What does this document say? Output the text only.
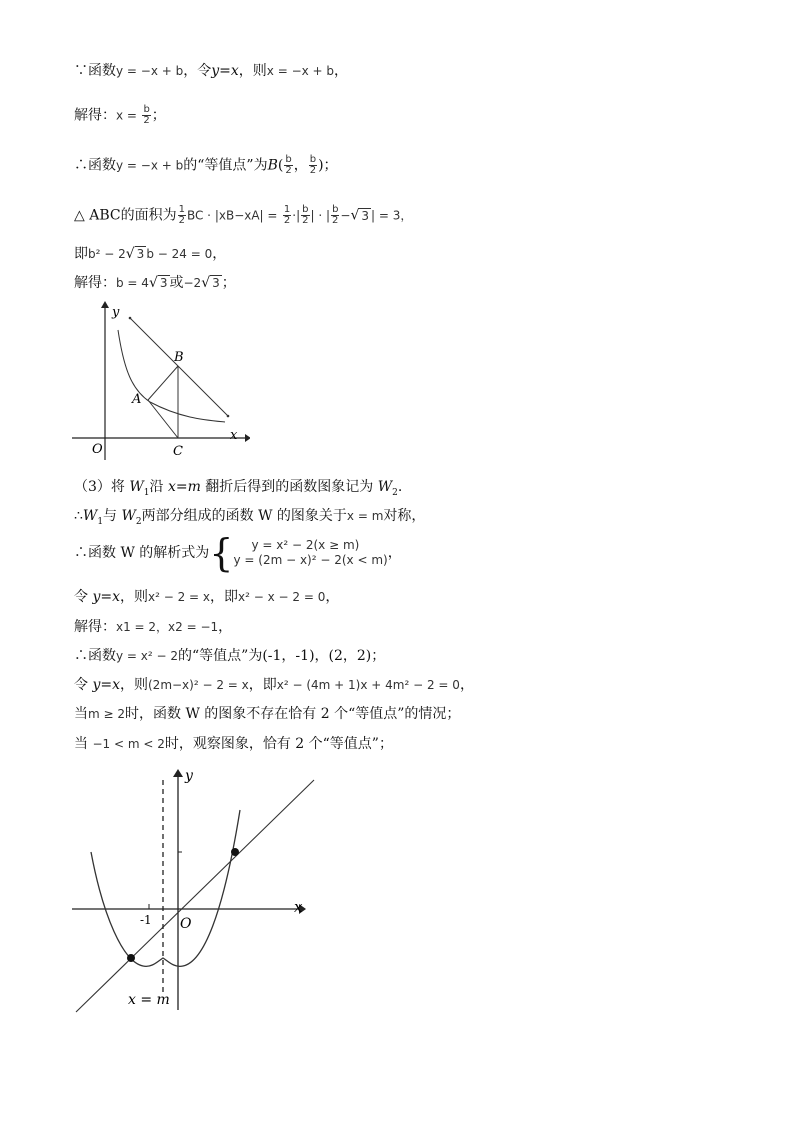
∵函数y = −x + b，令y=x，则x = −x + b，
解得：$x = \frac{b}{2}$ ；
∴函数y = −x + b的“等值点”为$B( \frac{b}{2}$ ， $\frac{b}{2}$ )；
△ ABC的面积为 $\frac{1}{2}$ BC · $|xB-xA| = \frac{1}{2}$ ·| $\frac{b}{2}$ | · | $\frac{b}{2}$ −√ 3 | = 3，
即b² − 2√ 3 b − 24 = 0，
解得：b = 4√ 3 或−2√ 3 ；
y
x
O
A
B
C
（3）将 $W_1$沿 x=m 翻折后得到的函数图象记为 $W_2$.
$\therefore W_1$与 $W_2$两部分组成的函数 W 的图象关于x = m对称，
∴函数 W 的解析式为{	y = x² − 2(x ≥ m)
y = (2m − x)² − 2(x < m) ，
令 y=x，则x² − 2 = x，即x² − x − 2 = 0，
解得：x1 = 2，x2 = −1，
∴函数y = x² − 2的“等值点”为(-1，-1)，(2，2)；
令 y=x，则(2m−x)² − 2 = x，即x² − (4m + 1)x + 4m² − 2 = 0，
当m ≥ 2时，函数 W 的图象不存在恰有 2 个“等值点”的情况；
当 −1 < m < 2时，观察图象，恰有 2 个“等值点”；
y
x
O
-1
x = m
